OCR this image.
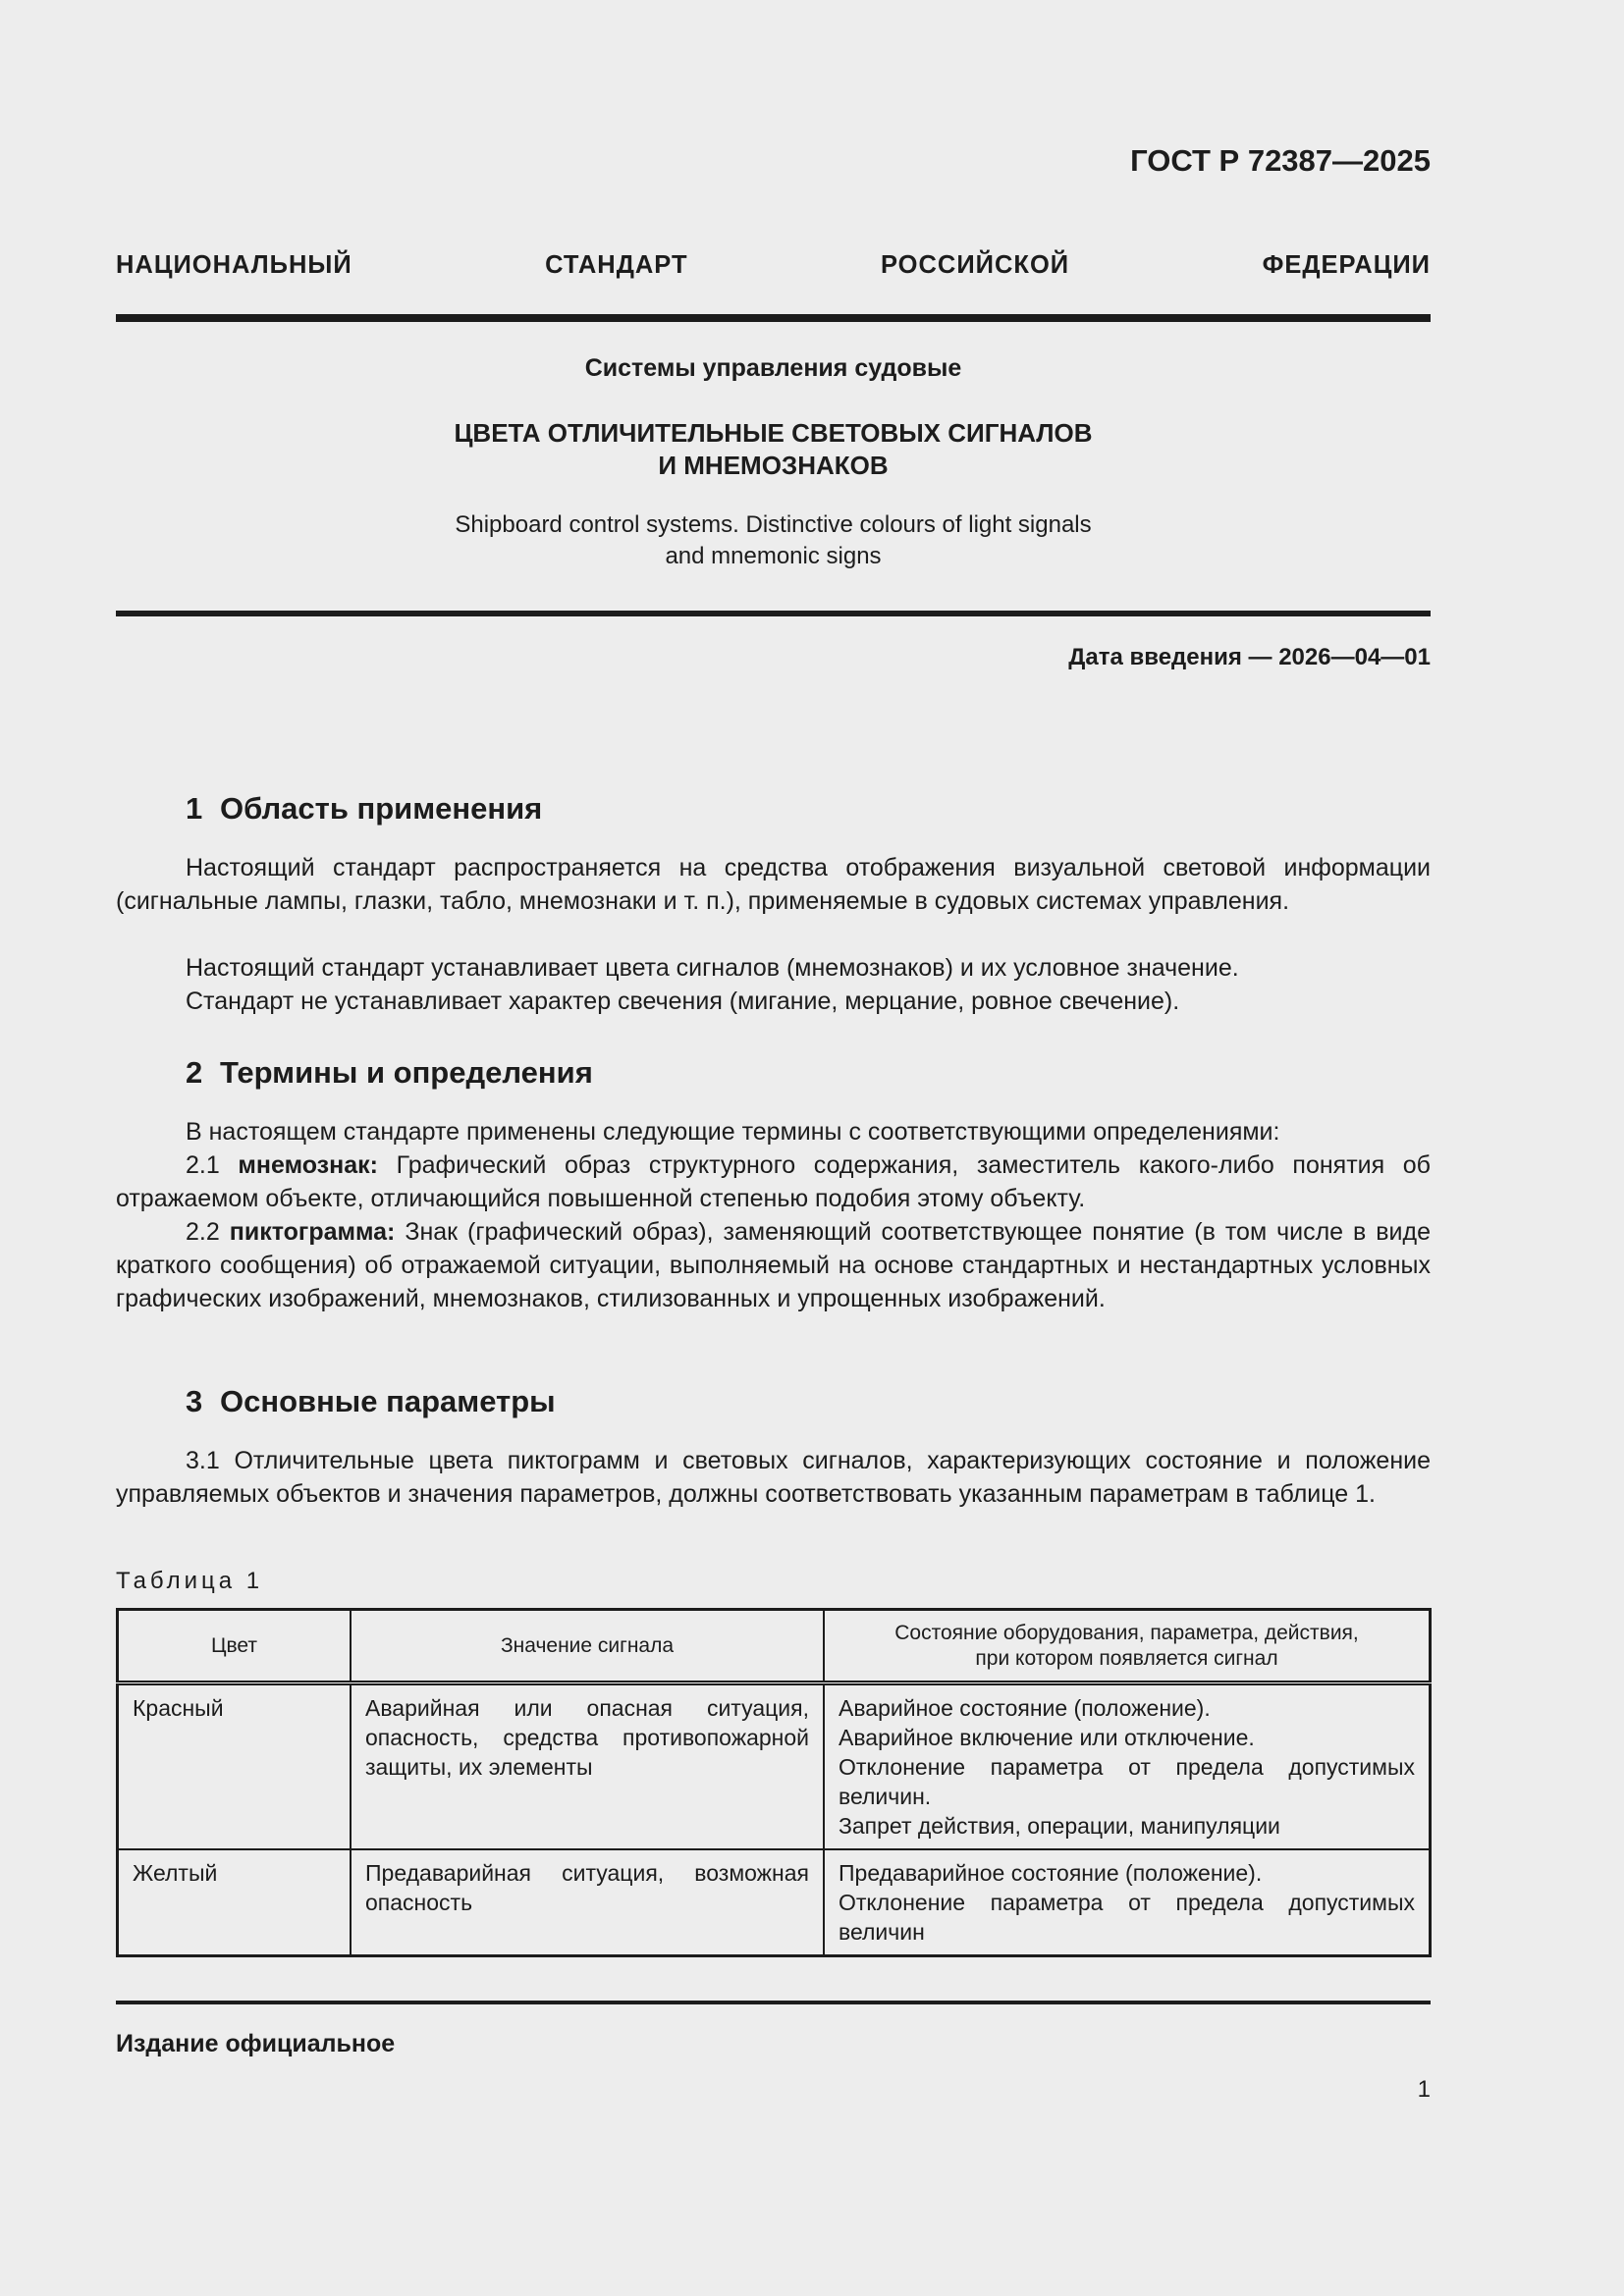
ГОСТ Р 72387—2025
НАЦИОНАЛЬНЫЙ СТАНДАРТ РОССИЙСКОЙ ФЕДЕРАЦИИ
Системы управления судовые
ЦВЕТА ОТЛИЧИТЕЛЬНЫЕ СВЕТОВЫХ СИГНАЛОВ
И МНЕМОЗНАКОВ
Shipboard control systems. Distinctive colours of light signals
and mnemonic signs
Дата введения — 2026—04—01
1 Область применения

Настоящий стандарт распространяется на средства отображения визуальной световой информации (сигнальные лампы, глазки, табло, мнемознаки и т. п.), применяемые в судовых системах управления.

Настоящий стандарт устанавливает цвета сигналов (мнемознаков) и их условное значение.

Стандарт не устанавливает характер свечения (мигание, мерцание, ровное свечение).

2 Термины и определения

В настоящем стандарте применены следующие термины с соответствующими определениями:

2.1 мнемознак: Графический образ структурного содержания, заместитель какого-либо понятия об отражаемом объекте, отличающийся повышенной степенью подобия этому объекту.

2.2 пиктограмма: Знак (графический образ), заменяющий соответствующее понятие (в том числе в виде краткого сообщения) об отражаемой ситуации, выполняемый на основе стандартных и нестандартных условных графических изображений, мнемознаков, стилизованных и упрощенных изображений.

3 Основные параметры

3.1 Отличительные цвета пиктограмм и световых сигналов, характеризующих состояние и положение управляемых объектов и значения параметров, должны соответствовать указанным параметрам в таблице 1.

Таблица 1
Цвет	Значение сигнала	Состояние оборудования, параметра, действия,
при котором появляется сигнал

Красный	Аварийная или опасная ситуация, опасность, средства противопожарной защиты, их элементы	Аварийное состояние (положение).
Аварийное включение или отключение.
Отклонение параметра от предела допустимых величин.
Запрет действия, операции, манипуляции

Желтый	Предаварийная ситуация, возможная опасность	Предаварийное состояние (положение).
Отклонение параметра от предела допустимых величин
Издание официальное
1
